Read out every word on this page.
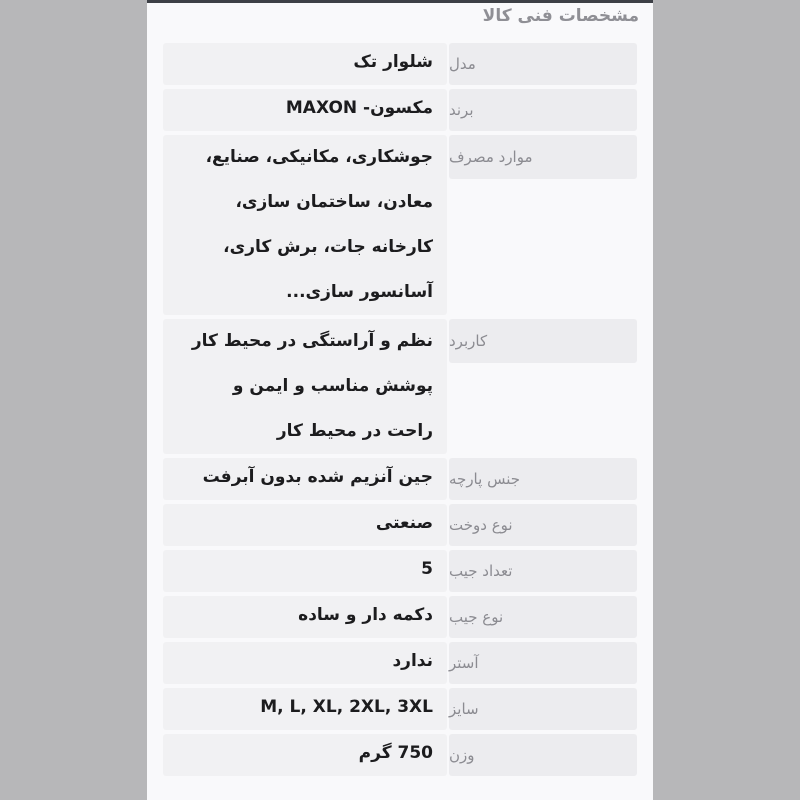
مشخصات فنی کالا
مدل
شلوار تک
برند
مکسون- MAXON
موارد مصرف
جوشکاری، مکانیکی، صنایع،
معادن، ساختمان سازی،
کارخانه جات، برش کاری،
آسانسور سازی...
کاربرد
نظم و آراستگی در محیط کار
پوشش مناسب و ایمن و
راحت در محیط کار
جنس پارچه
جین آنزیم شده بدون آبرفت
نوع دوخت
صنعتی
تعداد جیب
5
نوع جیب
دکمه دار و ساده
آستر
ندارد
سایز
M, L, XL, 2XL, 3XL
وزن
750 گرم
